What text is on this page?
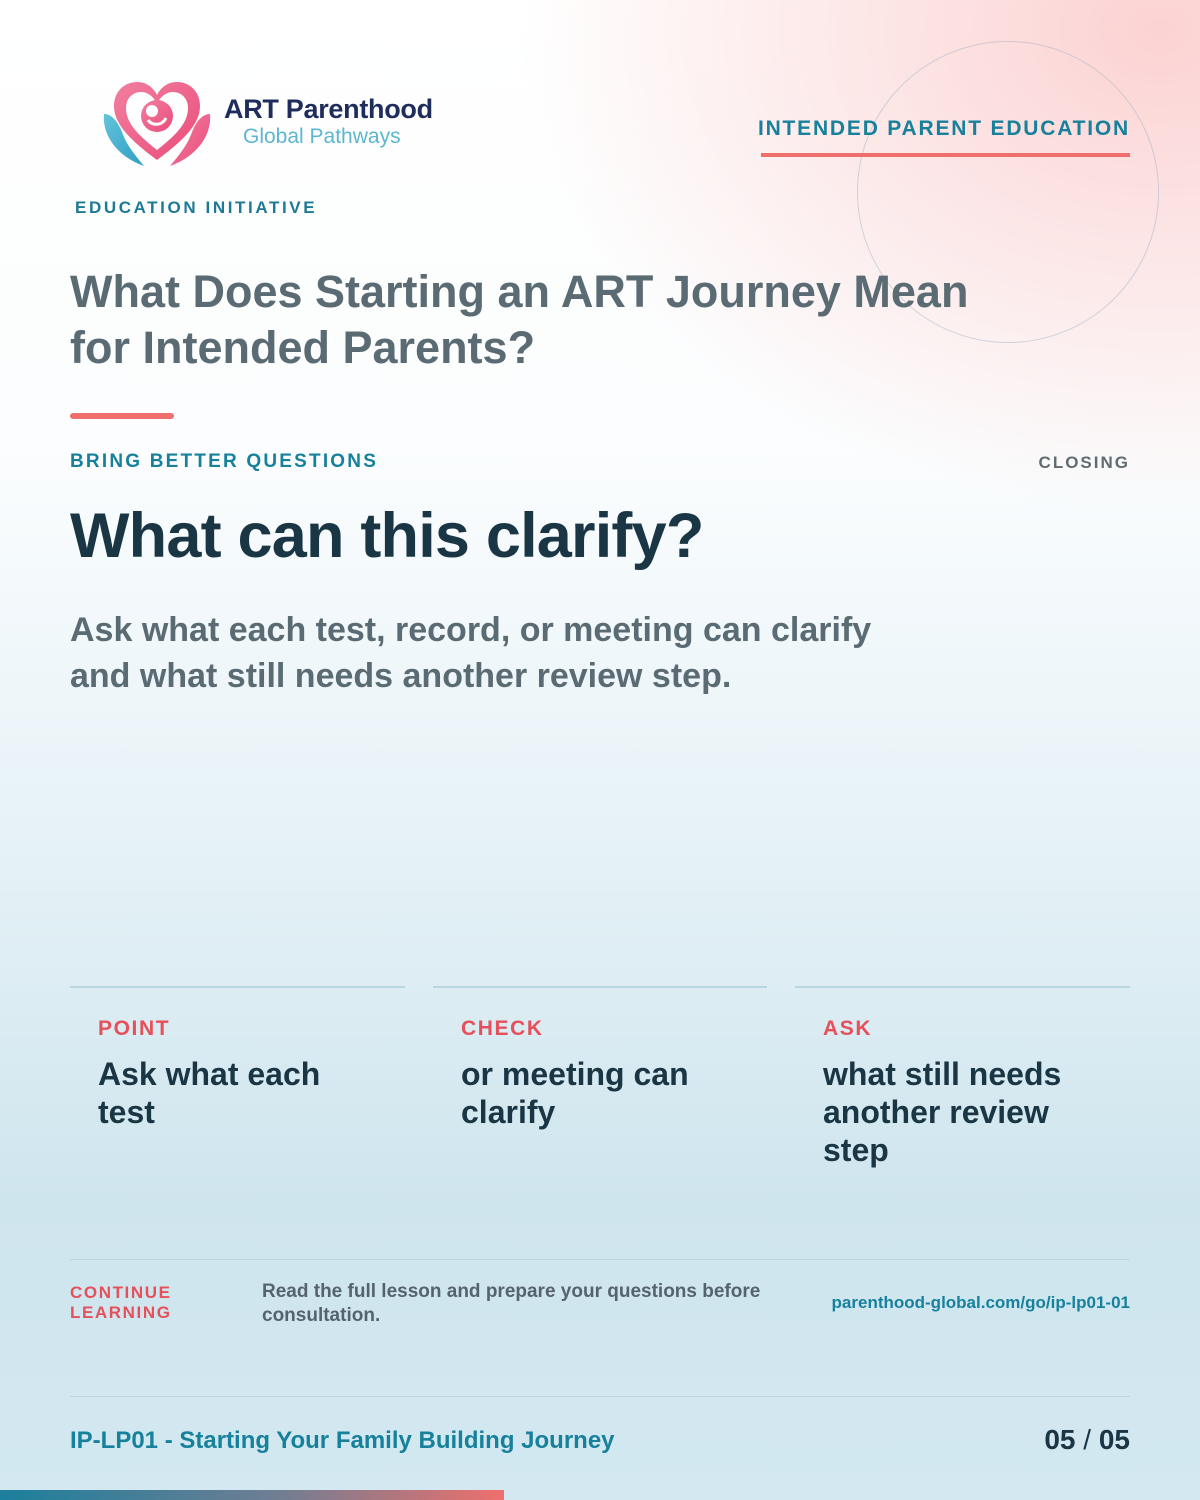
ART Parenthood
Global Pathways
EDUCATION INITIATIVE
INTENDED PARENT EDUCATION
What Does Starting an ART Journey Mean for Intended Parents?
BRING BETTER QUESTIONS	CLOSING
What can this clarify?

Ask what each test, record, or meeting can clarify and what still needs another review step.

POINT
Ask what each test
CHECK
or meeting can clarify
ASK
what still needs another review step
CONTINUE LEARNING
Read the full lesson and prepare your questions before consultation.
parenthood-global.com/go/ip-lp01-01
IP-LP01 - Starting Your Family Building Journey	05 / 05
